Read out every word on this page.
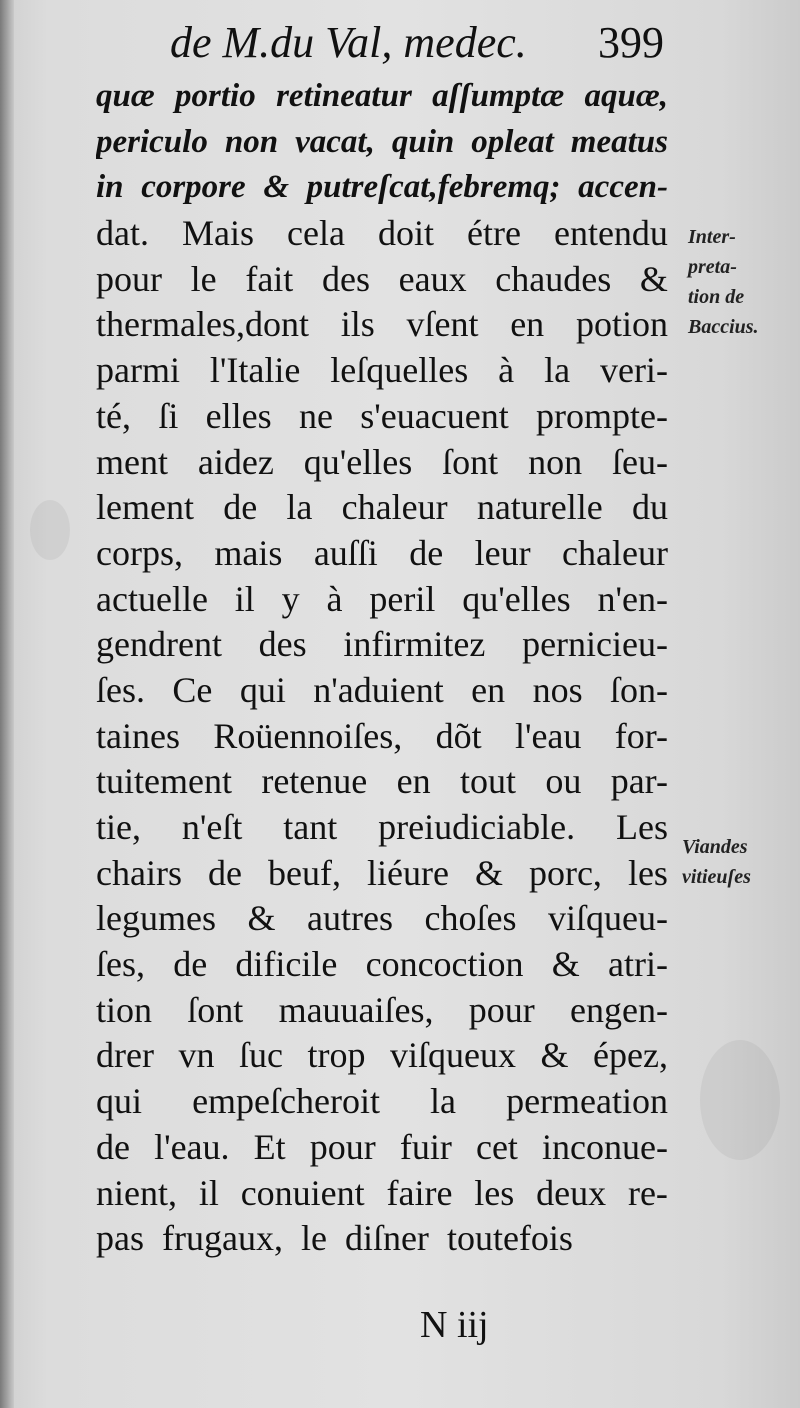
de M.du Val, medec. 399
quæ portio retineatur aſſumptæ aquæ,
periculo non vacat, quin opleat meatus
in corpore & putreſcat,febremq; accen-
dat. Mais cela doit étre entendu
pour le fait des eaux chaudes &
thermales,dont ils vſent en potion
parmi l'Italie leſquelles à la veri-
té, ſi elles ne s'euacuent prompte-
ment aidez qu'elles ſont non ſeu-
lement de la chaleur naturelle du
corps, mais auſſi de leur chaleur
actuelle il y à peril qu'elles n'en-
gendrent des infirmitez pernicieu-
ſes. Ce qui n'aduient en nos ſon-
taines Roüennoiſes, dõt l'eau for-
tuitement retenue en tout ou par-
tie, n'eſt tant preiudiciable. Les
chairs de beuf, liéure & porc, les
legumes & autres choſes viſqueu-
ſes, de dificile concoction & atri-
tion ſont mauuaiſes, pour engen-
drer vn ſuc trop viſqueux & épez,
qui empeſcheroit la permeation
de l'eau. Et pour fuir cet inconue-
nient, il conuient faire les deux re-
pas frugaux, le diſner toutefois
Inter-
preta-
tion de
Baccius.
Viandes
vitieuſes
N iij
